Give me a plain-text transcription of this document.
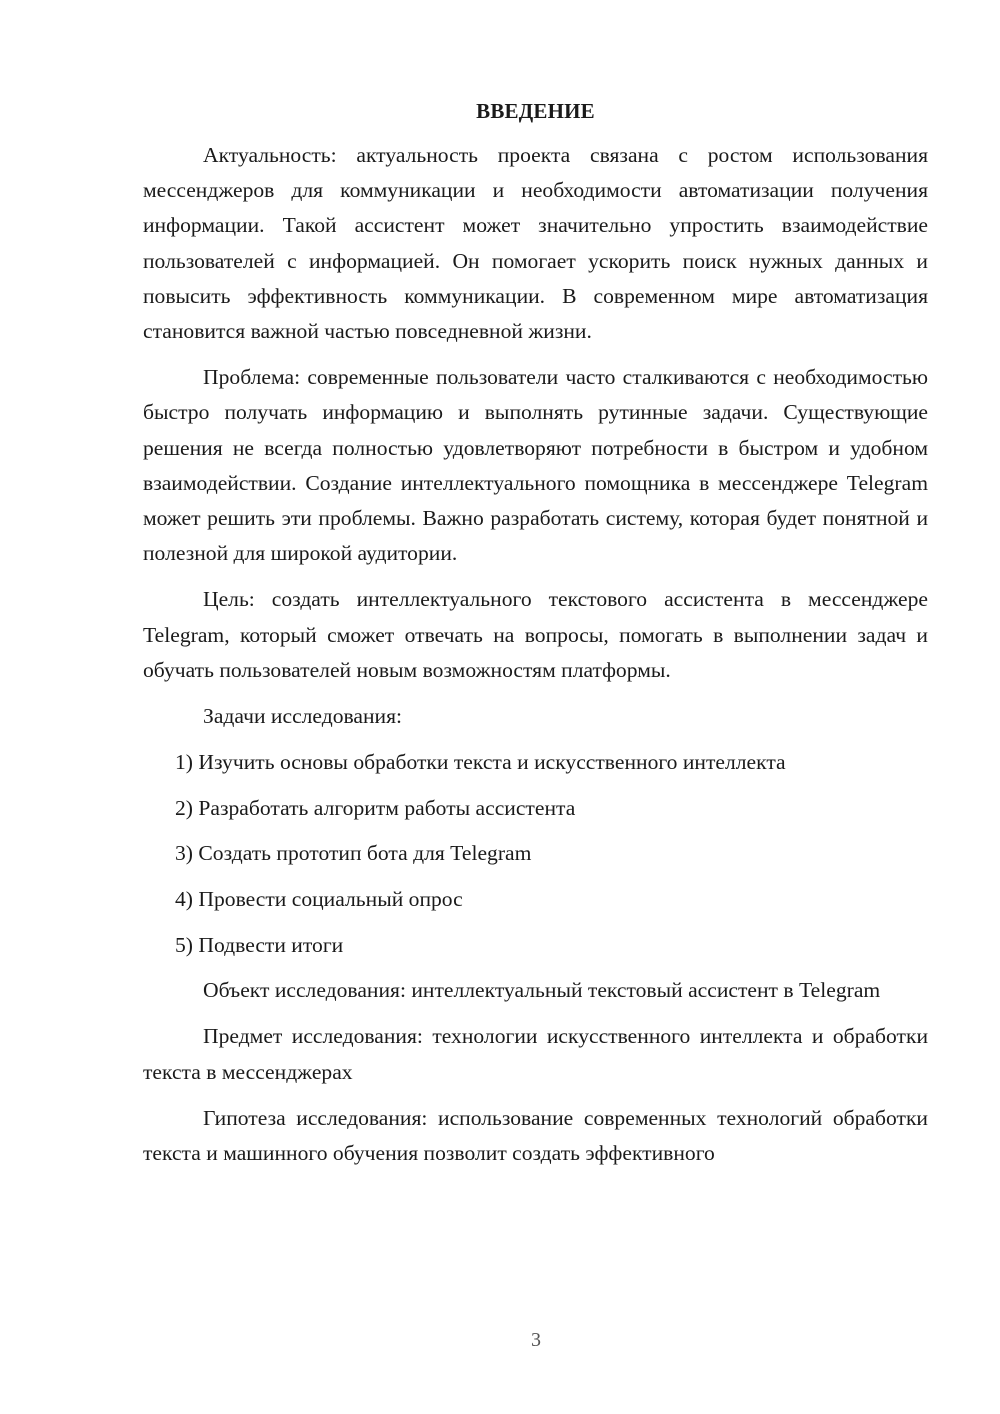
ВВЕДЕНИЕ

Актуальность: актуальность проекта связана с ростом использования мессенджеров для коммуникации и необходимости автоматизации получения информации. Такой ассистент может значительно упростить взаимодействие пользователей с информацией. Он помогает ускорить поиск нужных данных и повысить эффективность коммуникации. В современном мире автоматизация становится важной частью повседневной жизни.

Проблема: современные пользователи часто сталкиваются с необходимостью быстро получать информацию и выполнять рутинные задачи. Существующие решения не всегда полностью удовлетворяют потребности в быстром и удобном взаимодействии. Создание интеллектуального помощника в мессенджере Telegram может решить эти проблемы. Важно разработать систему, которая будет понятной и полезной для широкой аудитории.

Цель: создать интеллектуального текстового ассистента в мессенджере Telegram, который сможет отвечать на вопросы, помогать в выполнении задач и обучать пользователей новым возможностям платформы.

Задачи исследования:

1) Изучить основы обработки текста и искусственного интеллекта
2) Разработать алгоритм работы ассистента
3) Создать прототип бота для Telegram
4) Провести социальный опрос
5) Подвести итоги

Объект исследования: интеллектуальный текстовый ассистент в Telegram

Предмет исследования: технологии искусственного интеллекта и обработки текста в мессенджерах

Гипотеза исследования: использование современных технологий обработки текста и машинного обучения позволит создать эффективного

3
